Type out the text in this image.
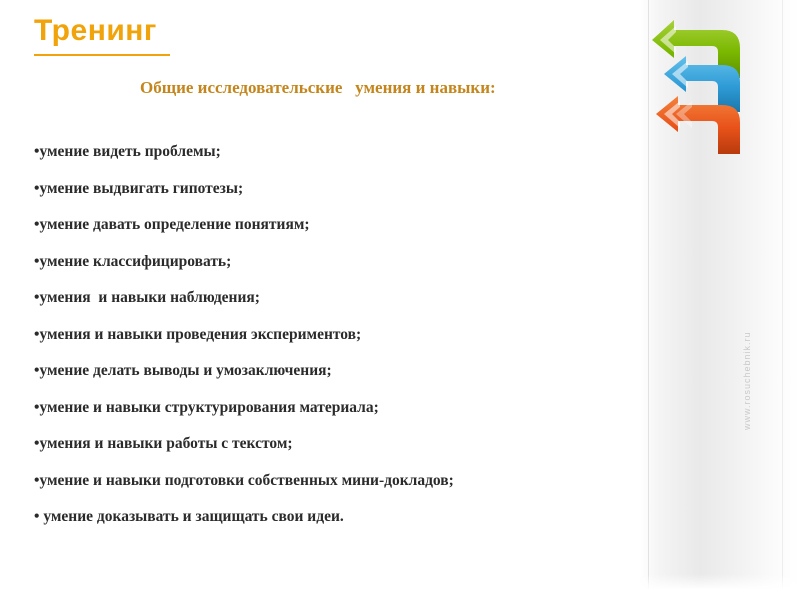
Тренинг
Общие исследовательские   умения и навыки:
•умение видеть проблемы;
•умение выдвигать гипотезы;
•умение давать определение понятиям;
•умение классифицировать;
•умения  и навыки наблюдения;
•умения и навыки проведения экспериментов;
•умение делать выводы и умозаключения;
•умение и навыки структурирования материала;
•умения и навыки работы с текстом;
•умение и навыки подготовки собственных мини-докладов;
• умение доказывать и защищать свои идеи.
www.rosuchebnik.ru
